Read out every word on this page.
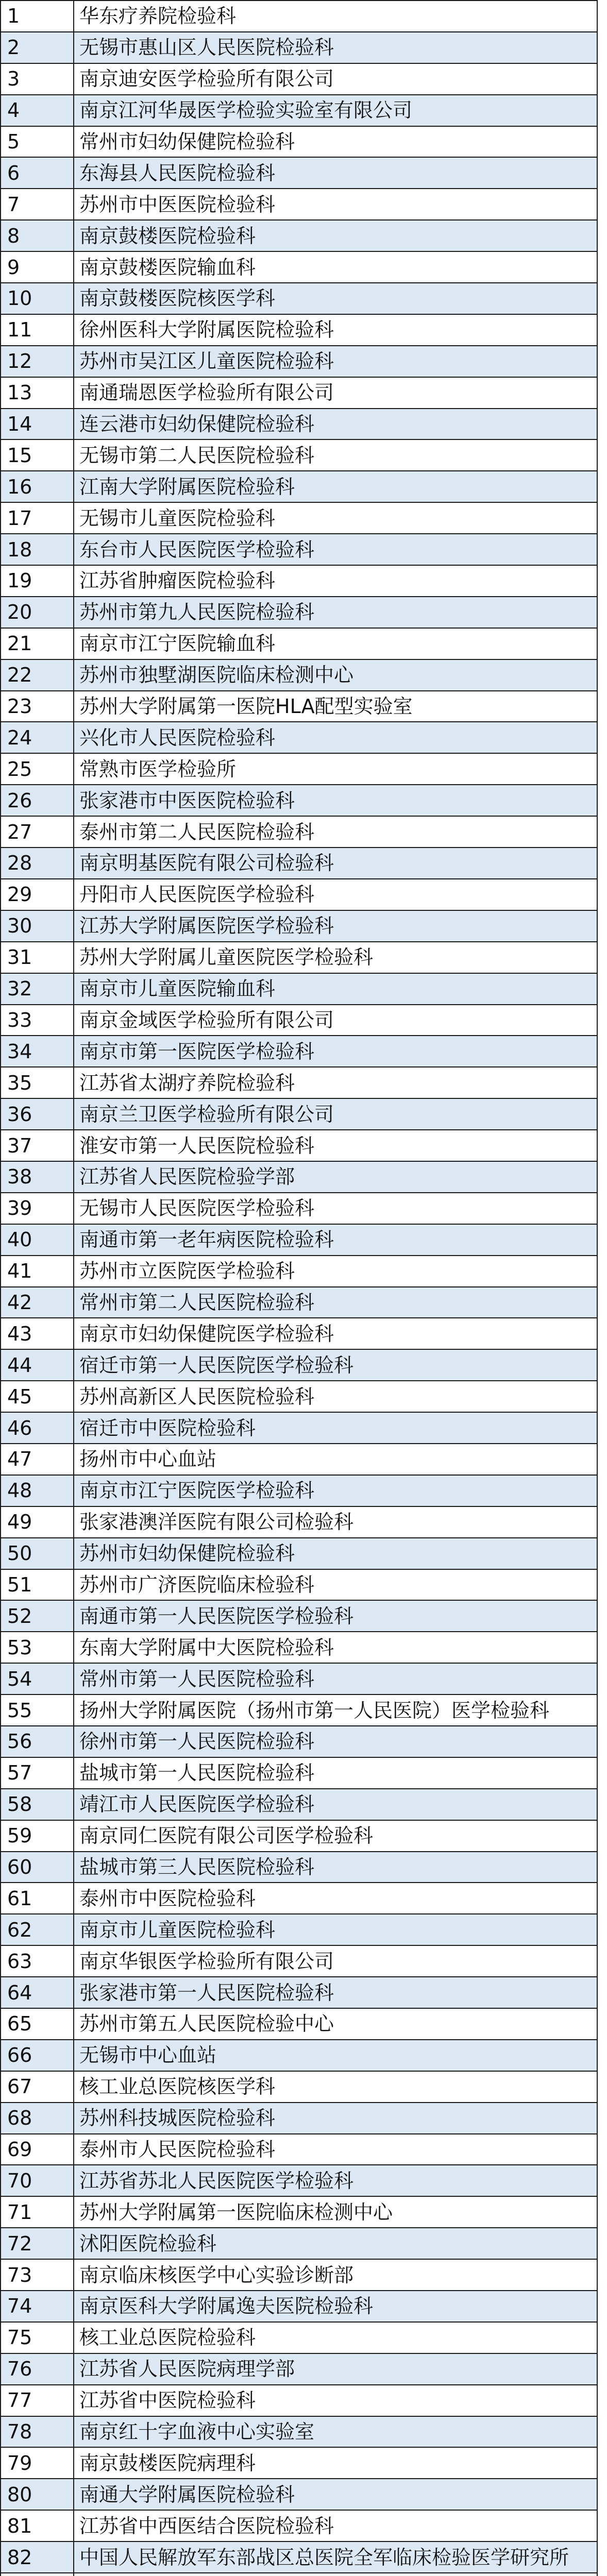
1	华东疗养院检验科
2	无锡市惠山区人民医院检验科
3	南京迪安医学检验所有限公司
4	南京江河华晟医学检验实验室有限公司
5	常州市妇幼保健院检验科
6	东海县人民医院检验科
7	苏州市中医医院检验科
8	南京鼓楼医院检验科
9	南京鼓楼医院输血科
10	南京鼓楼医院核医学科
11	徐州医科大学附属医院检验科
12	苏州市吴江区儿童医院检验科
13	南通瑞恩医学检验所有限公司
14	连云港市妇幼保健院检验科
15	无锡市第二人民医院检验科
16	江南大学附属医院检验科
17	无锡市儿童医院检验科
18	东台市人民医院医学检验科
19	江苏省肿瘤医院检验科
20	苏州市第九人民医院检验科
21	南京市江宁医院输血科
22	苏州市独墅湖医院临床检测中心
23	苏州大学附属第一医院HLA配型实验室
24	兴化市人民医院检验科
25	常熟市医学检验所
26	张家港市中医医院检验科
27	泰州市第二人民医院检验科
28	南京明基医院有限公司检验科
29	丹阳市人民医院医学检验科
30	江苏大学附属医院医学检验科
31	苏州大学附属儿童医院医学检验科
32	南京市儿童医院输血科
33	南京金域医学检验所有限公司
34	南京市第一医院医学检验科
35	江苏省太湖疗养院检验科
36	南京兰卫医学检验所有限公司
37	淮安市第一人民医院检验科
38	江苏省人民医院检验学部
39	无锡市人民医院医学检验科
40	南通市第一老年病医院检验科
41	苏州市立医院医学检验科
42	常州市第二人民医院检验科
43	南京市妇幼保健院医学检验科
44	宿迁市第一人民医院医学检验科
45	苏州高新区人民医院检验科
46	宿迁市中医院检验科
47	扬州市中心血站
48	南京市江宁医院医学检验科
49	张家港澳洋医院有限公司检验科
50	苏州市妇幼保健院检验科
51	苏州市广济医院临床检验科
52	南通市第一人民医院医学检验科
53	东南大学附属中大医院检验科
54	常州市第一人民医院检验科
55	扬州大学附属医院（扬州市第一人民医院）医学检验科
56	徐州市第一人民医院检验科
57	盐城市第一人民医院检验科
58	靖江市人民医院医学检验科
59	南京同仁医院有限公司医学检验科
60	盐城市第三人民医院检验科
61	泰州市中医院检验科
62	南京市儿童医院检验科
63	南京华银医学检验所有限公司
64	张家港市第一人民医院检验科
65	苏州市第五人民医院检验中心
66	无锡市中心血站
67	核工业总医院核医学科
68	苏州科技城医院检验科
69	泰州市人民医院检验科
70	江苏省苏北人民医院医学检验科
71	苏州大学附属第一医院临床检测中心
72	沭阳医院检验科
73	南京临床核医学中心实验诊断部
74	南京医科大学附属逸夫医院检验科
75	核工业总医院检验科
76	江苏省人民医院病理学部
77	江苏省中医院检验科
78	南京红十字血液中心实验室
79	南京鼓楼医院病理科
80	南通大学附属医院检验科
81	江苏省中西医结合医院检验科
82	中国人民解放军东部战区总医院全军临床检验医学研究所
